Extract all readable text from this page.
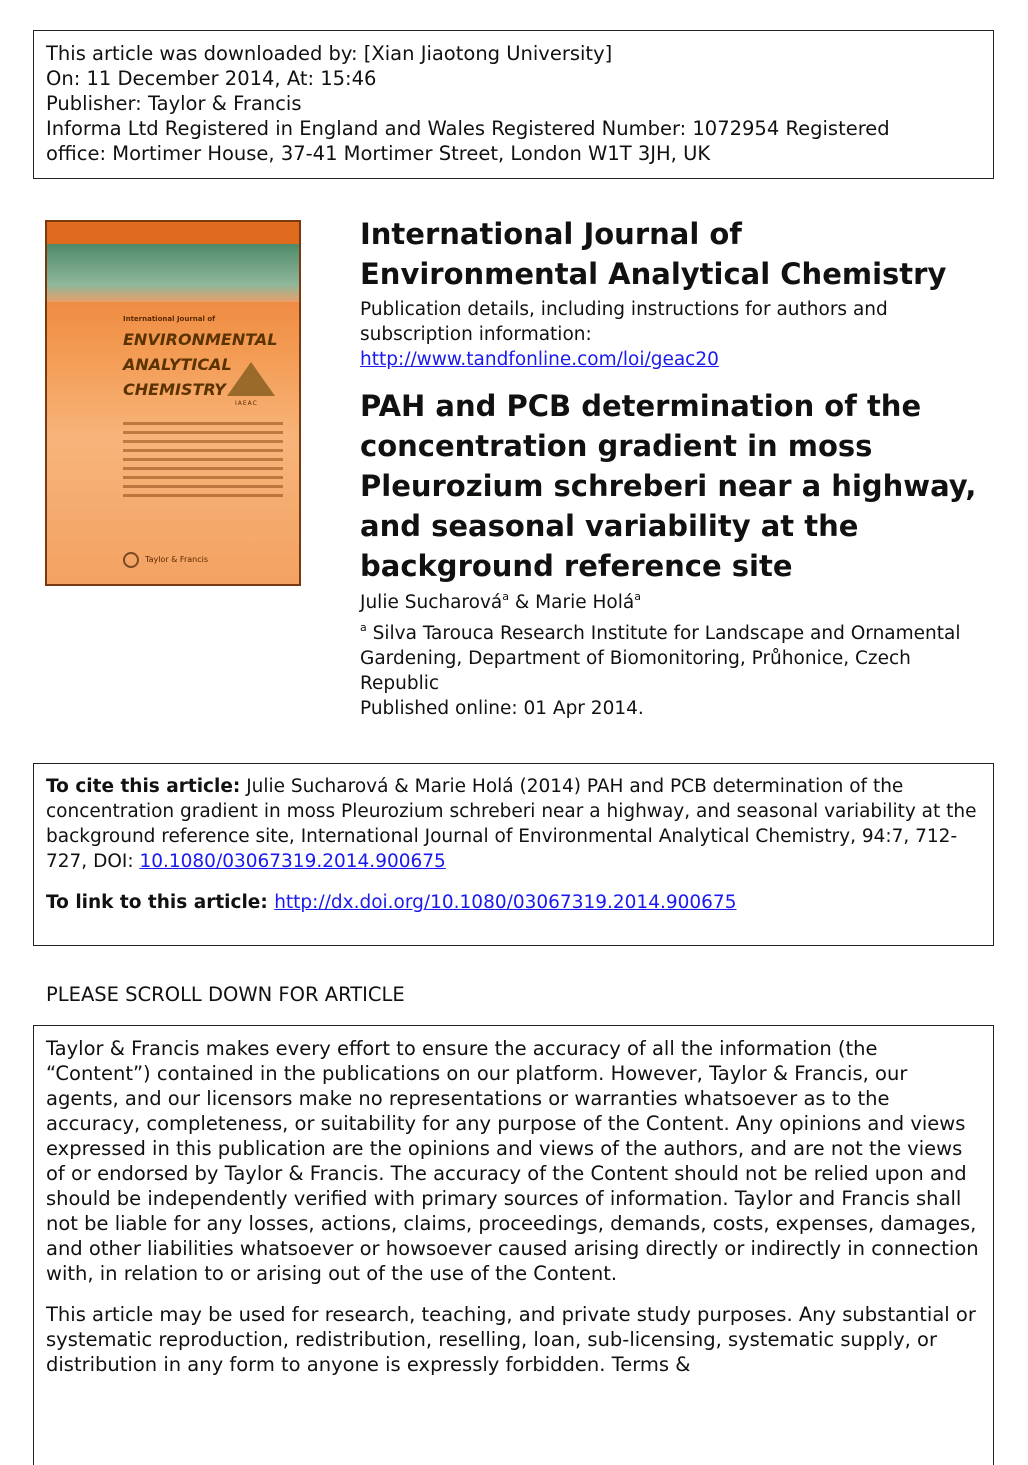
This article was downloaded by: [Xian Jiaotong University]
On: 11 December 2014, At: 15:46
Publisher: Taylor & Francis
Informa Ltd Registered in England and Wales Registered Number: 1072954 Registered
office: Mortimer House, 37-41 Mortimer Street, London W1T 3JH, UK
International Journal of
ENVIRONMENTAL
ANALYTICAL
CHEMISTRY
IAEAC
Taylor & Francis
International Journal of Environmental Analytical Chemistry
Publication details, including instructions for authors and subscription information:
http://www.tandfonline.com/loi/geac20
PAH and PCB determination of the concentration gradient in moss Pleurozium schreberi near a highway, and seasonal variability at the background reference site
Julie Sucharová$^a$ & Marie Holá$^a$
$^a$ Silva Tarouca Research Institute for Landscape and Ornamental Gardening, Department of Biomonitoring, Průhonice, Czech Republic
Published online: 01 Apr 2014.

To cite this article: Julie Sucharová & Marie Holá (2014) PAH and PCB determination of the concentration gradient in moss Pleurozium schreberi near a highway, and seasonal variability at the background reference site, International Journal of Environmental Analytical Chemistry, 94:7, 712-727, DOI: 10.1080/03067319.2014.900675

To link to this article: http://dx.doi.org/10.1080/03067319.2014.900675

PLEASE SCROLL DOWN FOR ARTICLE

Taylor & Francis makes every effort to ensure the accuracy of all the information (the “Content”) contained in the publications on our platform. However, Taylor & Francis, our agents, and our licensors make no representations or warranties whatsoever as to the accuracy, completeness, or suitability for any purpose of the Content. Any opinions and views expressed in this publication are the opinions and views of the authors, and are not the views of or endorsed by Taylor & Francis. The accuracy of the Content should not be relied upon and should be independently verified with primary sources of information. Taylor and Francis shall not be liable for any losses, actions, claims, proceedings, demands, costs, expenses, damages, and other liabilities whatsoever or howsoever caused arising directly or indirectly in connection with, in relation to or arising out of the use of the Content.

This article may be used for research, teaching, and private study purposes. Any substantial or systematic reproduction, redistribution, reselling, loan, sub-licensing, systematic supply, or distribution in any form to anyone is expressly forbidden. Terms &
